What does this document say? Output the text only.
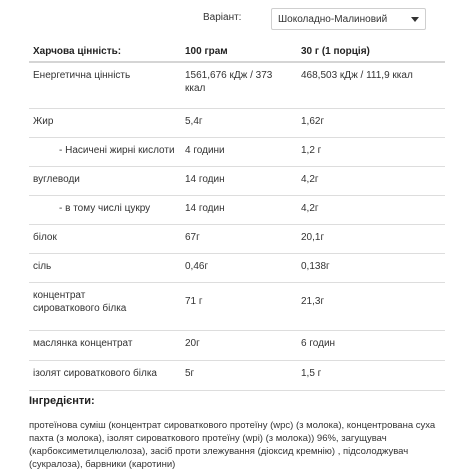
Варіант:	Шоколадно-Малиновий
Харчова цінність:	100 грам	30 г (1 порція)
Енергетична цінність	1561,676 кДж / 373 ккал	468,503 кДж / 111,9 ккал
Жир	5,4г	1,62г
- Насичені жирні кислоти	4 години	1,2 г
вуглеводи	14 годин	4,2г
- в тому числі цукру	14 годин	4,2г
білок	67г	20,1г
сіль	0,46г	0,138г
концентрат сироваткового білка	71 г	21,3г
маслянка концентрат	20г	6 годин
ізолят сироваткового білка	5г	1,5 г
Інгредієнти:

протеїнова суміш (концентрат сироваткового протеїну (wpc) (з молока), концентрована суха пахта (з молока), ізолят сироваткового протеїну (wpi) (з молока)) 96%, загущувач (карбоксиметилцелюлоза), засіб проти злежування (діоксид кремнію) , підсолоджувач (сукралоза), барвники (каротини)
